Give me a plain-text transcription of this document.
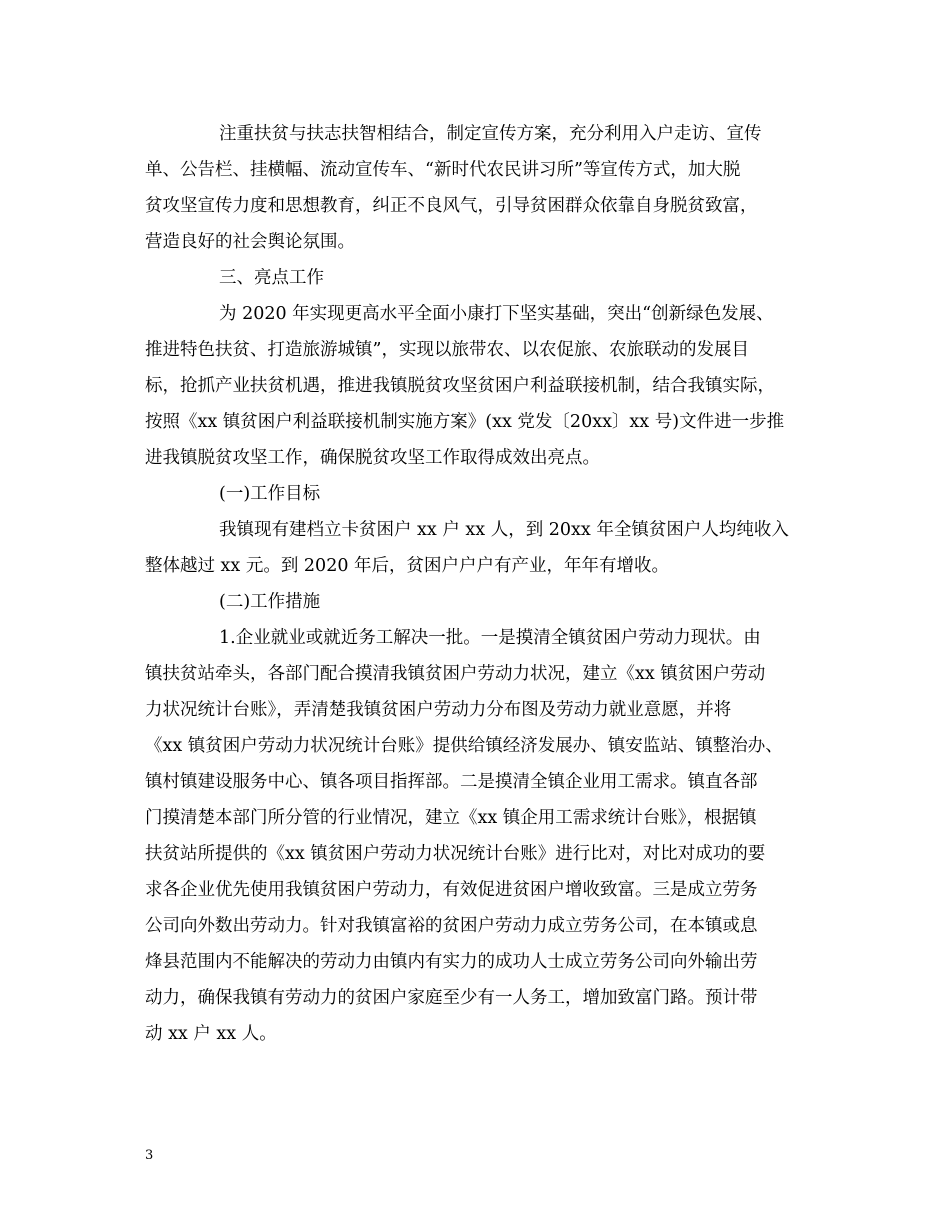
注重扶贫与扶志扶智相结合，制定宣传方案，充分利用入户走访、宣传
单、公告栏、挂横幅、流动宣传车、“新时代农民讲习所”等宣传方式，加大脱
贫攻坚宣传力度和思想教育，纠正不良风气，引导贫困群众依靠自身脱贫致富，
营造良好的社会舆论氛围。
三、亮点工作
为 2020 年实现更高水平全面小康打下坚实基础，突出“创新绿色发展、
推进特色扶贫、打造旅游城镇”，实现以旅带农、以农促旅、农旅联动的发展目
标，抢抓产业扶贫机遇，推进我镇脱贫攻坚贫困户利益联接机制，结合我镇实际，
按照《xx 镇贫困户利益联接机制实施方案》(xx 党发〔20xx〕xx 号)文件进一步推
进我镇脱贫攻坚工作，确保脱贫攻坚工作取得成效出亮点。
(一)工作目标
我镇现有建档立卡贫困户 xx 户 xx 人，到 20xx 年全镇贫困户人均纯收入
整体越过 xx 元。到 2020 年后，贫困户户户有产业，年年有增收。
(二)工作措施
1.企业就业或就近务工解决一批。一是摸清全镇贫困户劳动力现状。由
镇扶贫站牵头，各部门配合摸清我镇贫困户劳动力状况，建立《xx 镇贫困户劳动
力状况统计台账》，弄清楚我镇贫困户劳动力分布图及劳动力就业意愿，并将
《xx 镇贫困户劳动力状况统计台账》提供给镇经济发展办、镇安监站、镇整治办、
镇村镇建设服务中心、镇各项目指挥部。二是摸清全镇企业用工需求。镇直各部
门摸清楚本部门所分管的行业情况，建立《xx 镇企用工需求统计台账》，根据镇
扶贫站所提供的《xx 镇贫困户劳动力状况统计台账》进行比对，对比对成功的要
求各企业优先使用我镇贫困户劳动力，有效促进贫困户增收致富。三是成立劳务
公司向外数出劳动力。针对我镇富裕的贫困户劳动力成立劳务公司，在本镇或息
烽县范围内不能解决的劳动力由镇内有实力的成功人士成立劳务公司向外输出劳
动力，确保我镇有劳动力的贫困户家庭至少有一人务工，增加致富门路。预计带
动 xx 户 xx 人。
3
